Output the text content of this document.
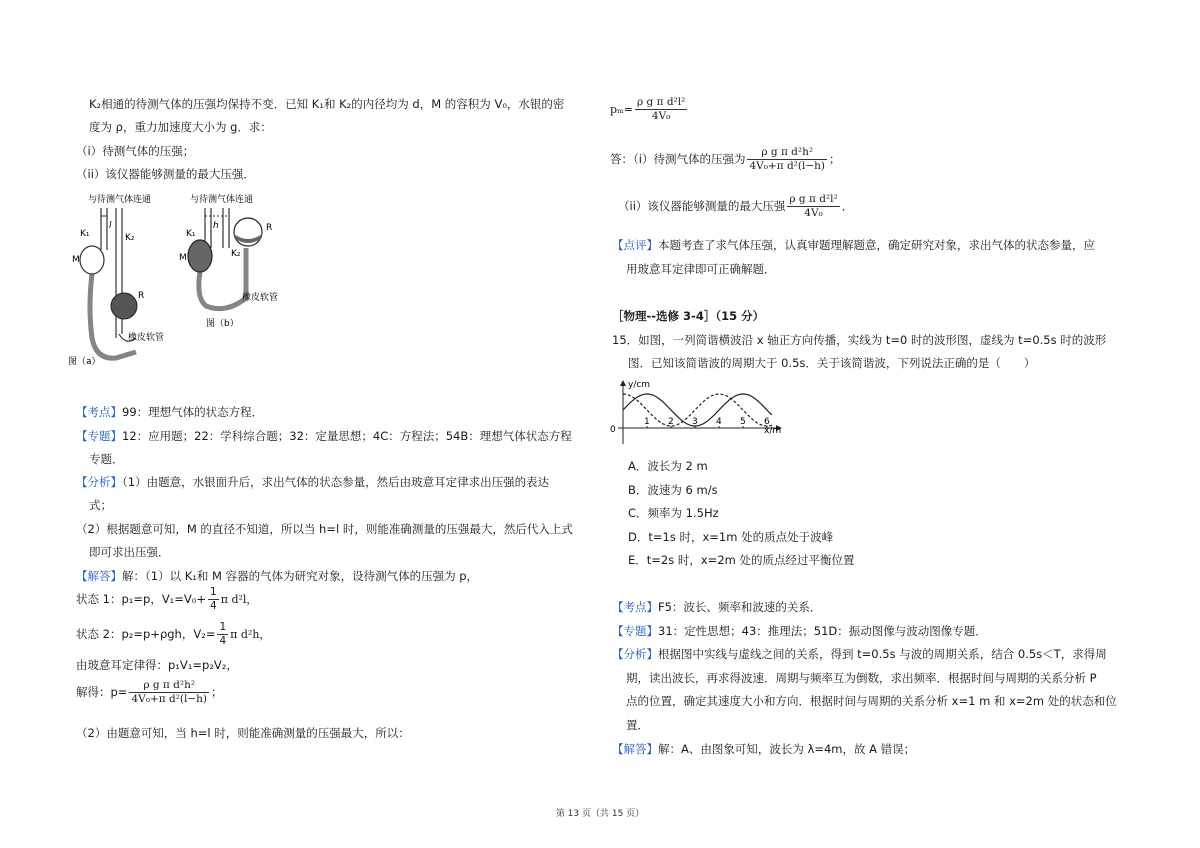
K₂相通的待测气体的压强均保持不变．已知 K₁和 K₂的内径均为 d，M 的容积为 V₀，水银的密
度为 ρ，重力加速度大小为 g．求：
（i）待测气体的压强；
（ii）该仪器能够测量的最大压强．
与待测气体连通
K₁
l
K₂
M
R
橡皮软管
图（a）
与待测气体连通
K₁
h
K₂
M
R
橡皮软管
图（b）
【考点】99：理想气体的状态方程．
【专题】12：应用题；22：学科综合题；32：定量思想；4C：方程法；54B：理想气体状态方程
专题．
【分析】（1）由题意，水银面升后，求出气体的状态参量，然后由玻意耳定律求出压强的表达
式；
（2）根据题意可知，M 的直径不知道，所以当 h=l 时，则能准确测量的压强最大，然后代入上式
即可求出压强．
【解答】解：（1）以 K₁和 M 容器的气体为研究对象，设待测气体的压强为 p，
状态 1：p₁=p，$V_1=V_0+ \frac{1}{4}$ π d²l，
状态 2：p₂=p+ρgh，$V_2= \frac{1}{4}$ π d²h，
由玻意耳定律得：p₁V₁=p₂V₂，
解得：$p= \frac{\text{ρ g π d²h²}}{\text{4V₀+π d²(l−h)}}$ ；
（2）由题意可知，当 h=l 时，则能准确测量的压强最大，所以：
$p_m= \frac{\text{ρ g π d²l²}}{\text{4V₀}}$
答：（i）待测气体的压强为 $\frac{\text{ρ g π d²h²}}{\text{4V₀+π d²(l−h)}}$ ；
（ii）该仪器能够测量的最大压强 $\frac{\text{ρ g π d²l²}}{\text{4V₀}}$ ．
【点评】本题考查了求气体压强，认真审题理解题意，确定研究对象，求出气体的状态参量，应
用玻意耳定律即可正确解题．
［物理--选修 3-4］（15 分）
15．如图，一列简谐横波沿 x 轴正方向传播，实线为 t=0 时的波形图，虚线为 t=0.5s 时的波形
图．已知该简谐波的周期大于 0.5s．关于该简谐波，下列说法正确的是（　　）
y/cm
x/m
0
1 2 3 4 5 6
A．波长为 2 m
B．波速为 6 m/s
C．频率为 1.5Hz
D．t=1s 时，x=1m 处的质点处于波峰
E．t=2s 时，x=2m 处的质点经过平衡位置
【考点】F5：波长、频率和波速的关系．
【专题】31：定性思想；43：推理法；51D：振动图像与波动图像专题．
【分析】根据图中实线与虚线之间的关系，得到 t=0.5s 与波的周期关系，结合 0.5s＜T，求得周
期，读出波长，再求得波速．周期与频率互为倒数，求出频率．根据时间与周期的关系分析 P
点的位置，确定其速度大小和方向．根据时间与周期的关系分析 x=1 m 和 x=2m 处的状态和位
置．
【解答】解：A、由图象可知，波长为 λ=4m，故 A 错误；
第 13 页（共 15 页）
